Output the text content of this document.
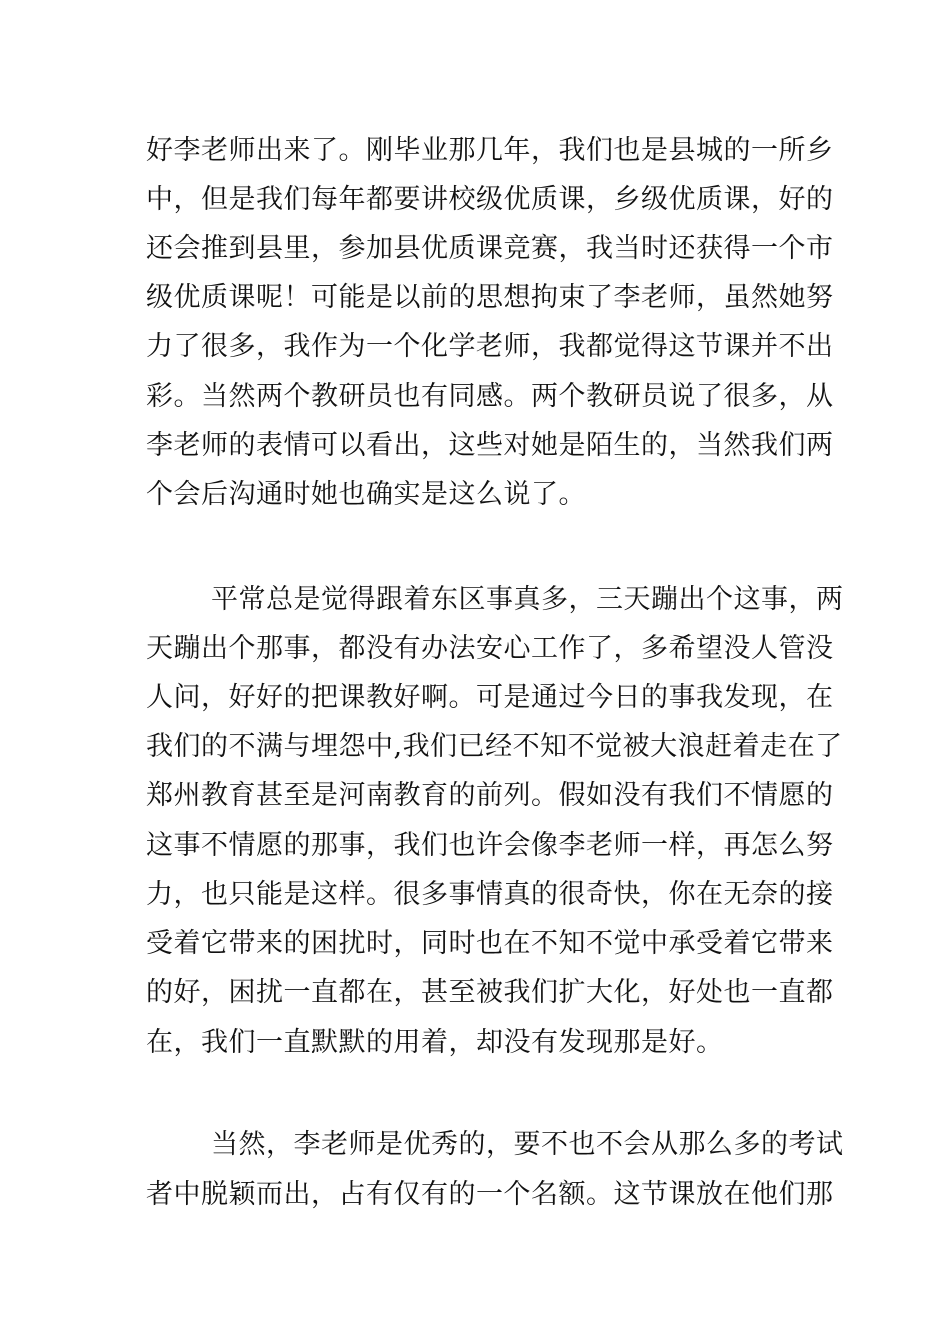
好李老师出来了。刚毕业那几年，我们也是县城的一所乡
中，但是我们每年都要讲校级优质课，乡级优质课，好的
还会推到县里，参加县优质课竞赛，我当时还获得一个市
级优质课呢！可能是以前的思想拘束了李老师，虽然她努
力了很多，我作为一个化学老师，我都觉得这节课并不出
彩。当然两个教研员也有同感。两个教研员说了很多，从
李老师的表情可以看出，这些对她是陌生的，当然我们两
个会后沟通时她也确实是这么说了。
平常总是觉得跟着东区事真多，三天蹦出个这事，两
天蹦出个那事，都没有办法安心工作了，多希望没人管没
人问，好好的把课教好啊。可是通过今日的事我发现，在
我们的不满与埋怨中,我们已经不知不觉被大浪赶着走在了
郑州教育甚至是河南教育的前列。假如没有我们不情愿的
这事不情愿的那事，我们也许会像李老师一样，再怎么努
力，也只能是这样。很多事情真的很奇快，你在无奈的接
受着它带来的困扰时，同时也在不知不觉中承受着它带来
的好，困扰一直都在，甚至被我们扩大化，好处也一直都
在，我们一直默默的用着，却没有发现那是好。
当然，李老师是优秀的，要不也不会从那么多的考试
者中脱颖而出，占有仅有的一个名额。这节课放在他们那
